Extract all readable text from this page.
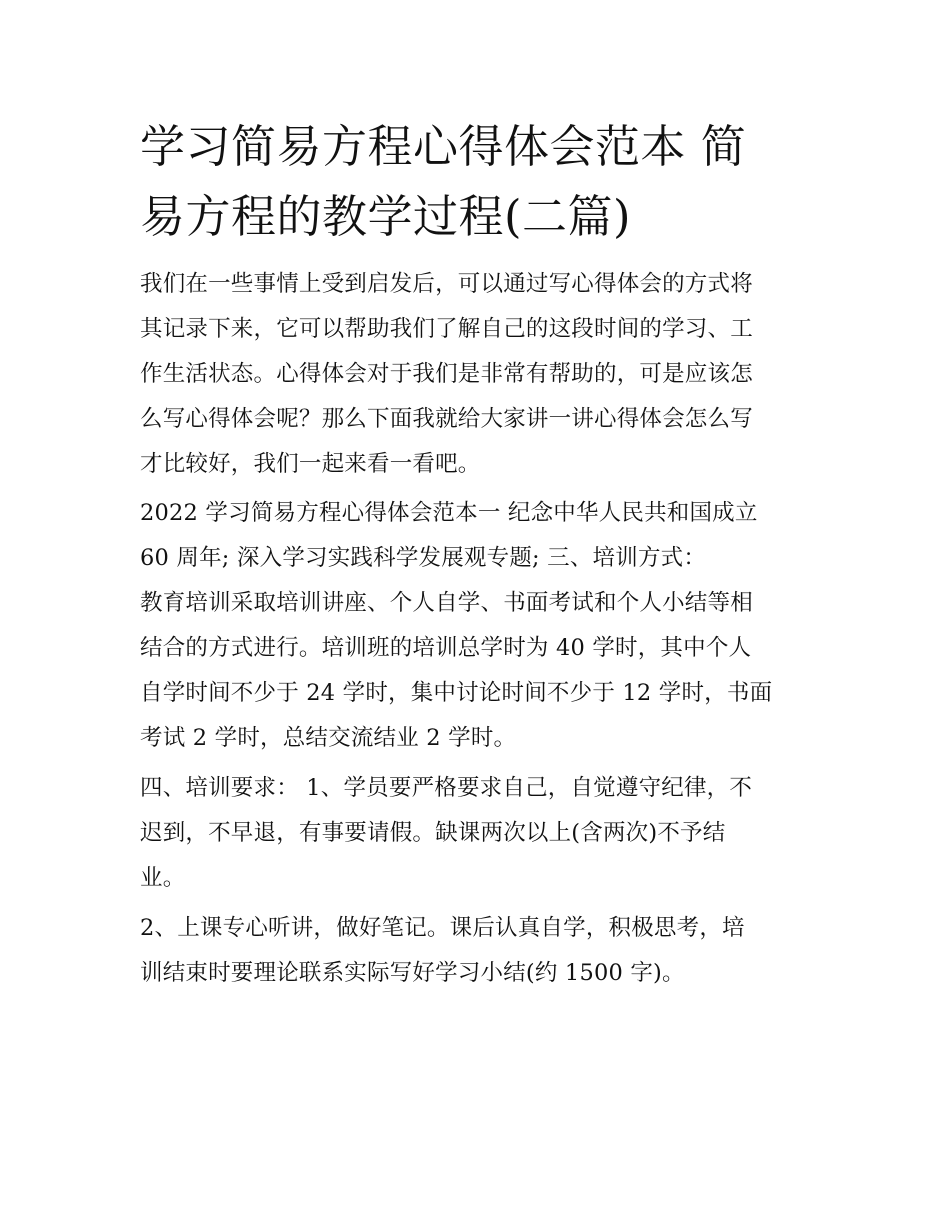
学习简易方程心得体会范本 简
易方程的教学过程(二篇)

我们在一些事情上受到启发后，可以通过写心得体会的方式将
其记录下来，它可以帮助我们了解自己的这段时间的学习、工
作生活状态。心得体会对于我们是非常有帮助的，可是应该怎
么写心得体会呢？那么下面我就给大家讲一讲心得体会怎么写
才比较好，我们一起来看一看吧。

2022 学习简易方程心得体会范本一 纪念中华人民共和国成立
60 周年; 深入学习实践科学发展观专题; 三、培训方式：

教育培训采取培训讲座、个人自学、书面考试和个人小结等相
结合的方式进行。培训班的培训总学时为 40 学时，其中个人
自学时间不少于 24 学时，集中讨论时间不少于 12 学时，书面
考试 2 学时，总结交流结业 2 学时。

四、培训要求： 1、学员要严格要求自己，自觉遵守纪律，不
迟到，不早退，有事要请假。缺课两次以上(含两次)不予结
业。

2、上课专心听讲，做好笔记。课后认真自学，积极思考，培
训结束时要理论联系实际写好学习小结(约 1500 字)。
